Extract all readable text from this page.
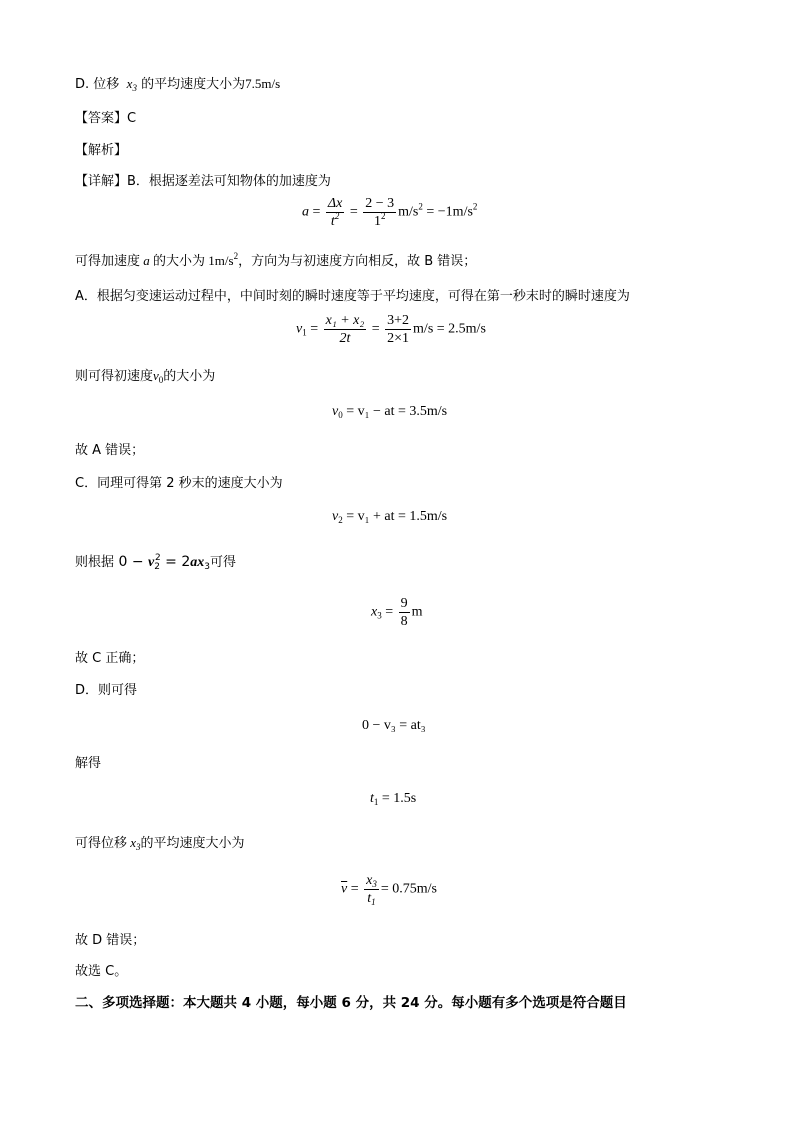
D. 位移  $x_3$ 的平均速度大小为7.5m/s
【答案】C
【解析】
【详解】B．根据逐差法可知物体的加速度为
$a = \frac{\Delta x}{t^2} = \frac{2 - 3}{1^2} m/s^2 = -1m/s^2$
可得加速度 a 的大小为 $1m/s^2$，方向为与初速度方向相反，故 B 错误；
A．根据匀变速运动过程中，中间时刻的瞬时速度等于平均速度，可得在第一秒末时的瞬时速度为
$v_1 = \frac{\text{x₁ + x₂}}{2t} = \frac{3+2}{2\times 1} m/s = 2.5m/s$
则可得初速度$v_0$的大小为
$v_0 = v_1$ − at = 3.5m/s
故 A 错误；
C．同理可得第 2 秒末的速度大小为
$v_2 = v_1$ + at = 1.5m/s
则根据 $0 - v_2^2 = 2ax_3$可得
$x_3 = \frac{9}{8}$ m
故 C 正确；
D．则可得
0 − v₃ = at₃
解得
$t_1 = 1.5s$
可得位移 $x_3$的平均速度大小为
$\overline{v} = \frac{x_3}{t_1} = 0.75m/s$
故 D 错误；
故选 C。
二、多项选择题：本大题共 4 小题，每小题 6 分，共 24 分。每小题有多个选项是符合题目
